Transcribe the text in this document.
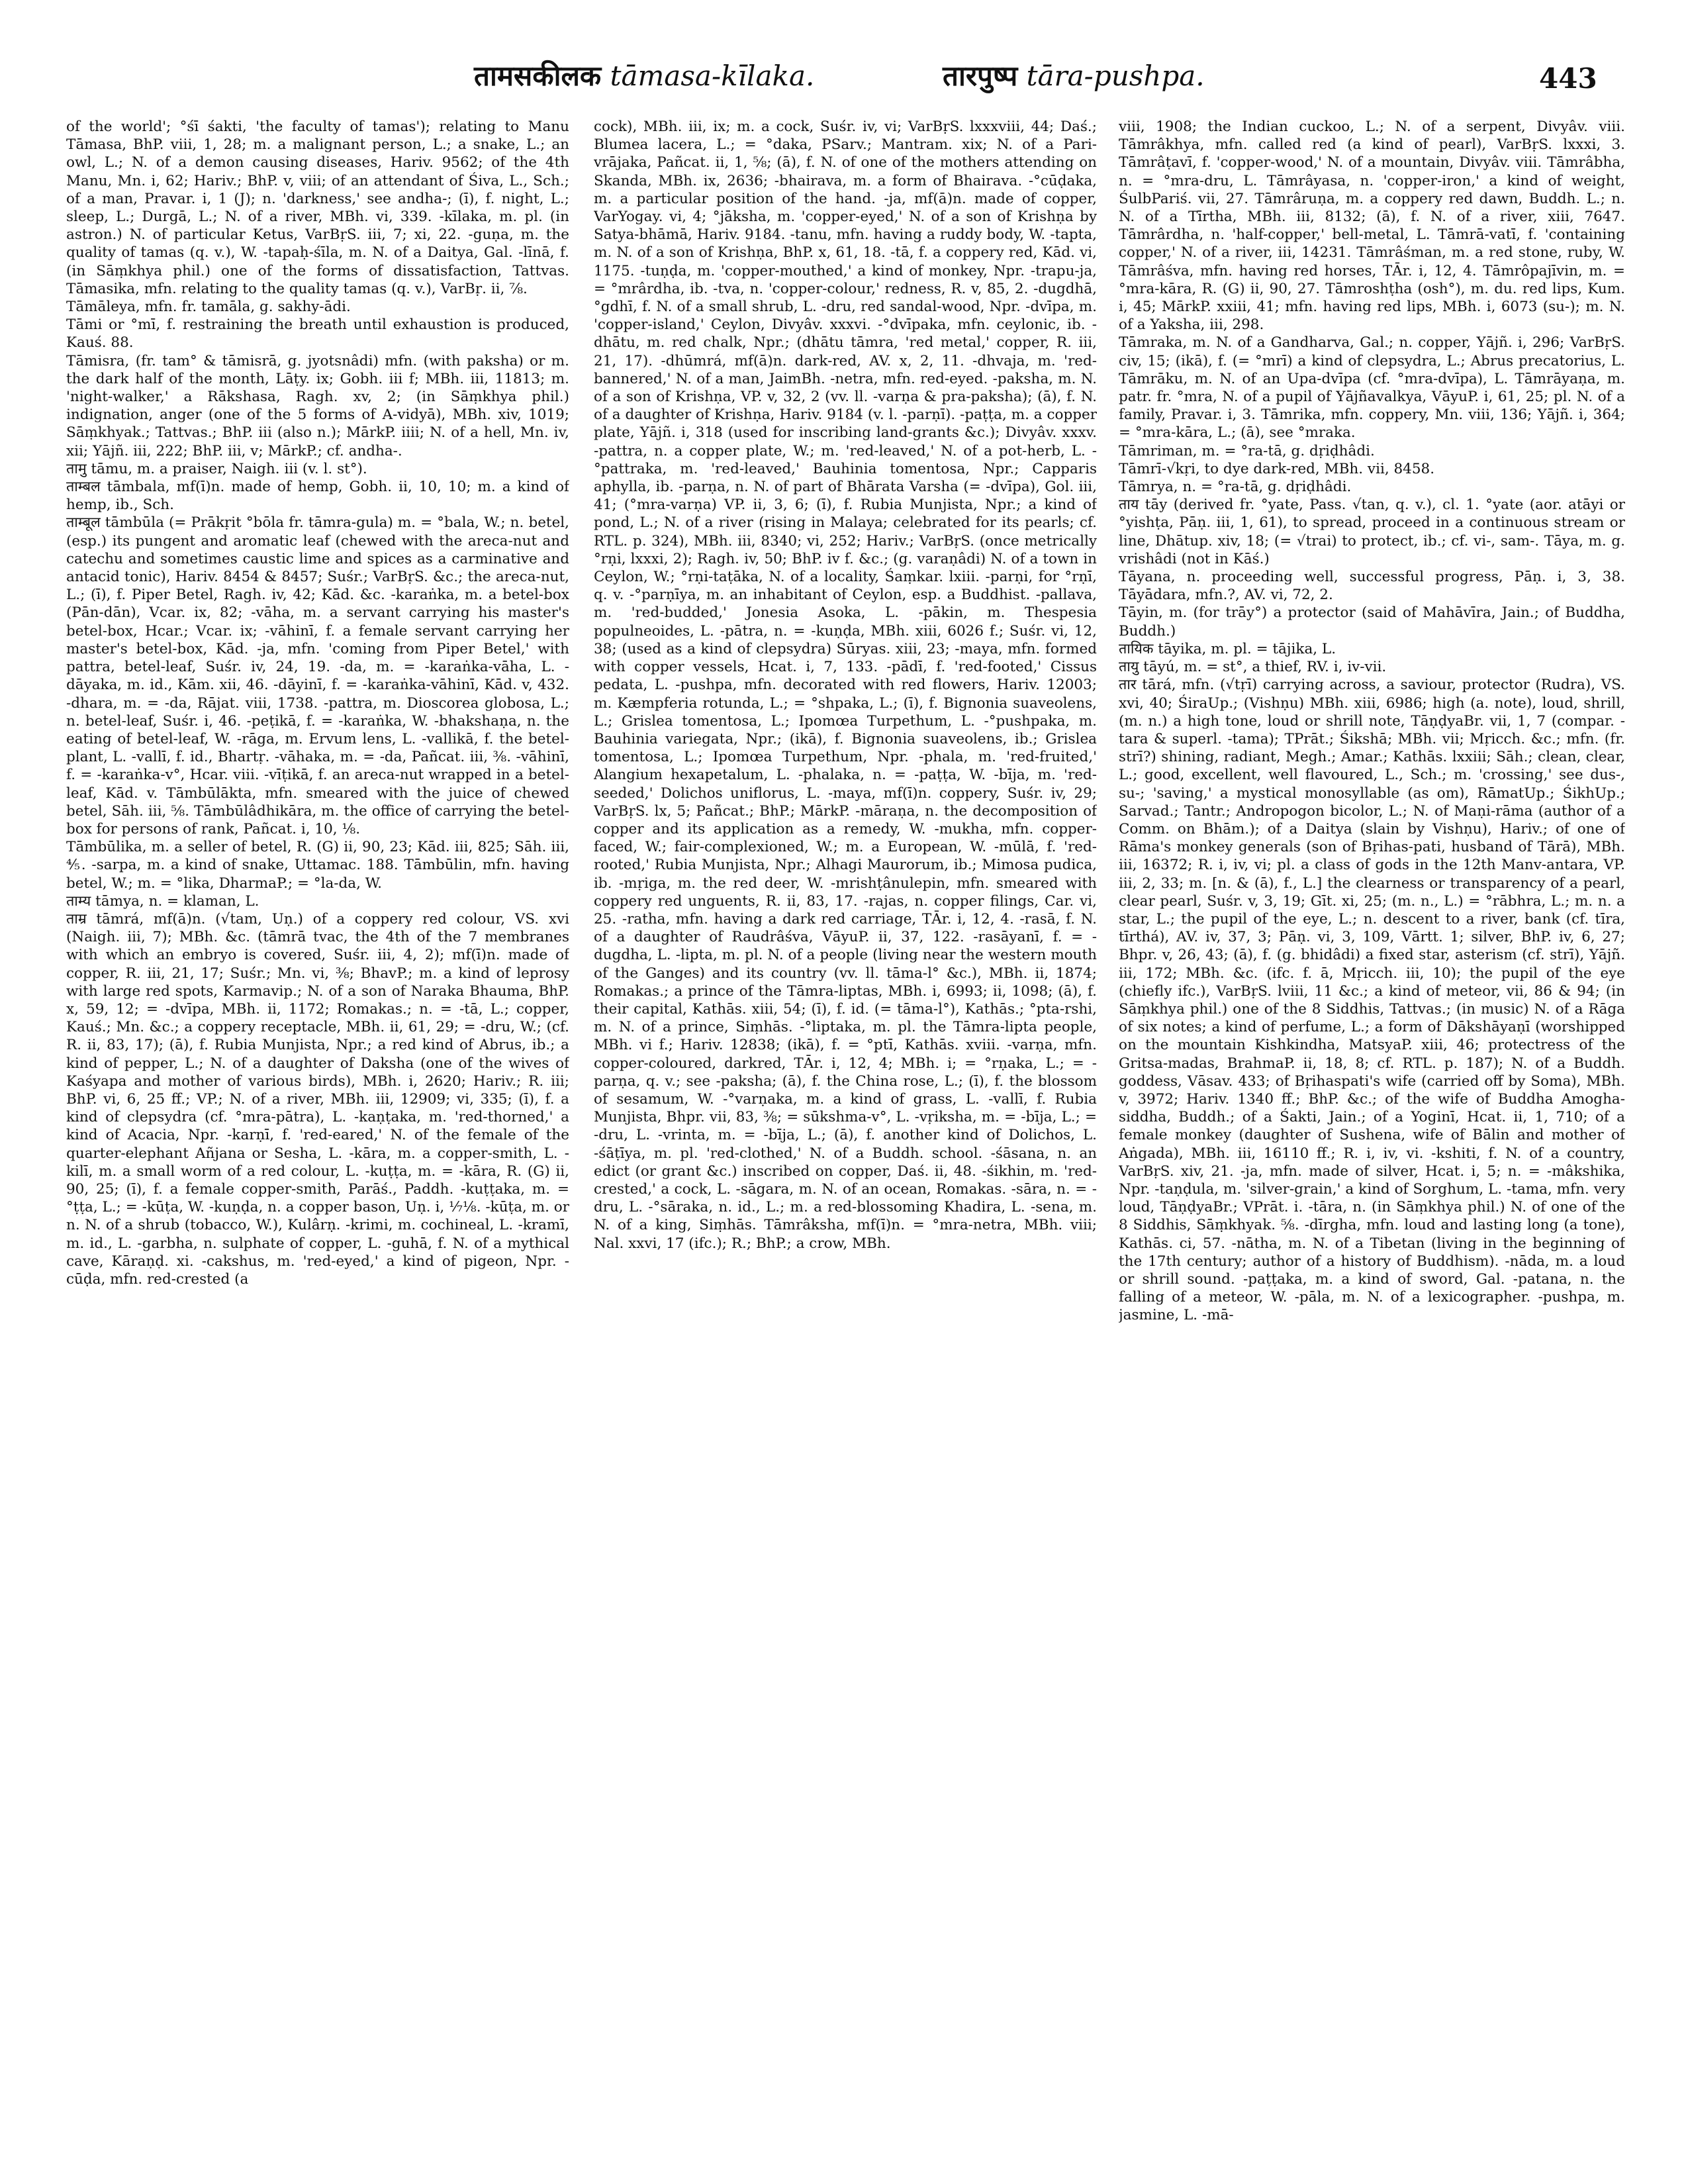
तामसकीलक tāmasa-kīlaka.	तारपुष्प tāra-pushpa.	443

of the world'; °śī śakti, 'the faculty of tamas'); relating to Manu Tāmasa, BhP. viii, 1, 28; m. a malignant person, L.; a snake, L.; an owl, L.; N. of a demon causing diseases, Hariv. 9562; of the 4th Manu, Mn. i, 62; Hariv.; BhP. v, viii; of an attendant of Śiva, L., Sch.; of a man, Pravar. i, 1 (J); n. 'darkness,' see andha-; (ī), f. night, L.; sleep, L.; Durgā, L.; N. of a river, MBh. vi, 339. -kīlaka, m. pl. (in astron.) N. of particular Ketus, VarBṛS. iii, 7; xi, 22. -guṇa, m. the quality of tamas (q. v.), W. -tapaḥ-śīla, m. N. of a Daitya, Gal. -līnā, f. (in Sāṃkhya phil.) one of the forms of dissatisfaction, Tattvas. Tāmasika, mfn. relating to the quality tamas (q. v.), VarBṛ. ii, ⅞.

Tāmāleya, mfn. fr. tamāla, g. sakhy-ādi.

Tāmi or °mī, f. restraining the breath until exhaustion is produced, Kauś. 88.

Tāmisra, (fr. tam° & tāmisrā, g. jyotsnâdi) mfn. (with paksha) or m. the dark half of the month, Lāṭy. ix; Gobh. iii f; MBh. iii, 11813; m. 'night-walker,' a Rākshasa, Ragh. xv, 2; (in Sāṃkhya phil.) indignation, anger (one of the 5 forms of A-vidyā), MBh. xiv, 1019; Sāṃkhyak.; Tattvas.; BhP. iii (also n.); MārkP. iiii; N. of a hell, Mn. iv, xii; Yājñ. iii, 222; BhP. iii, v; MārkP.; cf. andha-.

तामु tāmu, m. a praiser, Naigh. iii (v. l. st°).

ताम्बल tāmbala, mf(ī)n. made of hemp, Gobh. ii, 10, 10; m. a kind of hemp, ib., Sch.

ताम्बूल tāmbūla (= Prākṛit °bōla fr. tāmra-gula) m. = °bala, W.; n. betel, (esp.) its pungent and aromatic leaf (chewed with the areca-nut and catechu and sometimes caustic lime and spices as a carminative and antacid tonic), Hariv. 8454 & 8457; Suśr.; VarBṛS. &c.; the areca-nut, L.; (ī), f. Piper Betel, Ragh. iv, 42; Kād. &c. -karaṅka, m. a betel-box (Pān-dān), Vcar. ix, 82; -vāha, m. a servant carrying his master's betel-box, Hcar.; Vcar. ix; -vāhinī, f. a female servant carrying her master's betel-box, Kād. -ja, mfn. 'coming from Piper Betel,' with pattra, betel-leaf, Suśr. iv, 24, 19. -da, m. = -karaṅka-vāha, L. -dāyaka, m. id., Kām. xii, 46. -dāyinī, f. = -karaṅka-vāhinī, Kād. v, 432. -dhara, m. = -da, Rājat. viii, 1738. -pattra, m. Dioscorea globosa, L.; n. betel-leaf, Suśr. i, 46. -peṭikā, f. = -karaṅka, W. -bhakshaṇa, n. the eating of betel-leaf, W. -rāga, m. Ervum lens, L. -vallikā, f. the betel-plant, L. -vallī, f. id., Bhartṛ. -vāhaka, m. = -da, Pañcat. iii, ⅜. -vāhinī, f. = -karaṅka-v°, Hcar. viii. -vīṭikā, f. an areca-nut wrapped in a betel-leaf, Kād. v. Tāmbūlākta, mfn. smeared with the juice of chewed betel, Sāh. iii, ⅝. Tāmbūlâdhikāra, m. the office of carrying the betel-box for persons of rank, Pañcat. i, 10, ⅛.

Tāmbūlika, m. a seller of betel, R. (G) ii, 90, 23; Kād. iii, 825; Sāh. iii, ⅘. -sarpa, m. a kind of snake, Uttamac. 188. Tāmbūlin, mfn. having betel, W.; m. = °lika, DharmaP.; = °la-da, W.

ताम्य tāmya, n. = klaman, L.

ताम्र tāmrá, mf(ā)n. (√tam, Uṇ.) of a coppery red colour, VS. xvi (Naigh. iii, 7); MBh. &c. (tāmrā tvac, the 4th of the 7 membranes with which an embryo is covered, Suśr. iii, 4, 2); mf(ī)n. made of copper, R. iii, 21, 17; Suśr.; Mn. vi, ⅜; BhavP.; m. a kind of leprosy with large red spots, Karmavip.; N. of a son of Naraka Bhauma, BhP. x, 59, 12; = -dvīpa, MBh. ii, 1172; Romakas.; n. = -tā, L.; copper, Kauś.; Mn. &c.; a coppery receptacle, MBh. ii, 61, 29; = -dru, W.; (cf. R. ii, 83, 17); (ā), f. Rubia Munjista, Npr.; a red kind of Abrus, ib.; a kind of pepper, L.; N. of a daughter of Daksha (one of the wives of Kaśyapa and mother of various birds), MBh. i, 2620; Hariv.; R. iii; BhP. vi, 6, 25 ff.; VP.; N. of a river, MBh. iii, 12909; vi, 335; (ī), f. a kind of clepsydra (cf. °mra-pātra), L. -kaṇṭaka, m. 'red-thorned,' a kind of Acacia, Npr. -karṇī, f. 'red-eared,' N. of the female of the quarter-elephant Añjana or Sesha, L. -kāra, m. a copper-smith, L. -kilī, m. a small worm of a red colour, L. -kuṭṭa, m. = -kāra, R. (G) ii, 90, 25; (ī), f. a female copper-smith, Parāś., Paddh. -kuṭṭaka, m. = °ṭṭa, L.; = -kūṭa, W. -kuṇḍa, n. a copper bason, Uṇ. i, ⅐⅛. -kūṭa, m. or n. N. of a shrub (tobacco, W.), Kulârṇ. -krimi, m. cochineal, L. -kramī, m. id., L. -garbha, n. sulphate of copper, L. -guhā, f. N. of a mythical cave, Kāraṇḍ. xi. -cakshus, m. 'red-eyed,' a kind of pigeon, Npr. -cūḍa, mfn. red-crested (a

cock), MBh. iii, ix; m. a cock, Suśr. iv, vi; VarBṛS. lxxxviii, 44; Daś.; Blumea lacera, L.; = °daka, PSarv.; Mantram. xix; N. of a Pari-vrājaka, Pañcat. ii, 1, ⅝; (ā), f. N. of one of the mothers attending on Skanda, MBh. ix, 2636; -bhairava, m. a form of Bhairava. -°cūḍaka, m. a particular position of the hand. -ja, mf(ā)n. made of copper, VarYogay. vi, 4; °jāksha, m. 'copper-eyed,' N. of a son of Krishṇa by Satya-bhāmā, Hariv. 9184. -tanu, mfn. having a ruddy body, W. -tapta, m. N. of a son of Krishṇa, BhP. x, 61, 18. -tā, f. a coppery red, Kād. vi, 1175. -tuṇḍa, m. 'copper-mouthed,' a kind of monkey, Npr. -trapu-ja, = °mrârdha, ib. -tva, n. 'copper-colour,' redness, R. v, 85, 2. -dugdhā, °gdhī, f. N. of a small shrub, L. -dru, red sandal-wood, Npr. -dvīpa, m. 'copper-island,' Ceylon, Divyâv. xxxvi. -°dvīpaka, mfn. ceylonic, ib. -dhātu, m. red chalk, Npr.; (dhātu tāmra, 'red metal,' copper, R. iii, 21, 17). -dhūmrá, mf(ā)n. dark-red, AV. x, 2, 11. -dhvaja, m. 'red-bannered,' N. of a man, JaimBh. -netra, mfn. red-eyed. -paksha, m. N. of a son of Krishṇa, VP. v, 32, 2 (vv. ll. -varṇa & pra-paksha); (ā), f. N. of a daughter of Krishṇa, Hariv. 9184 (v. l. -parṇī). -paṭṭa, m. a copper plate, Yājñ. i, 318 (used for inscribing land-grants &c.); Divyâv. xxxv. -pattra, n. a copper plate, W.; m. 'red-leaved,' N. of a pot-herb, L. -°pattraka, m. 'red-leaved,' Bauhinia tomentosa, Npr.; Capparis aphylla, ib. -parṇa, n. N. of part of Bhārata Varsha (= -dvīpa), Gol. iii, 41; (°mra-varṇa) VP. ii, 3, 6; (ī), f. Rubia Munjista, Npr.; a kind of pond, L.; N. of a river (rising in Malaya; celebrated for its pearls; cf. RTL. p. 324), MBh. iii, 8340; vi, 252; Hariv.; VarBṛS. (once metrically °rṇi, lxxxi, 2); Ragh. iv, 50; BhP. iv f. &c.; (g. varaṇâdi) N. of a town in Ceylon, W.; °rṇi-taṭāka, N. of a locality, Śaṃkar. lxiii. -parṇi, for °rṇī, q. v. -°parṇīya, m. an inhabitant of Ceylon, esp. a Buddhist. -pallava, m. 'red-budded,' Jonesia Asoka, L. -pākin, m. Thespesia populneoides, L. -pātra, n. = -kuṇḍa, MBh. xiii, 6026 f.; Suśr. vi, 12, 38; (used as a kind of clepsydra) Sūryas. xiii, 23; -maya, mfn. formed with copper vessels, Hcat. i, 7, 133. -pādī, f. 'red-footed,' Cissus pedata, L. -pushpa, mfn. decorated with red flowers, Hariv. 12003; m. Kæmpferia rotunda, L.; = °shpaka, L.; (ī), f. Bignonia suaveolens, L.; Grislea tomentosa, L.; Ipomœa Turpethum, L. -°pushpaka, m. Bauhinia variegata, Npr.; (ikā), f. Bignonia suaveolens, ib.; Grislea tomentosa, L.; Ipomœa Turpethum, Npr. -phala, m. 'red-fruited,' Alangium hexapetalum, L. -phalaka, n. = -paṭṭa, W. -bīja, m. 'red-seeded,' Dolichos uniflorus, L. -maya, mf(ī)n. coppery, Suśr. iv, 29; VarBṛS. lx, 5; Pañcat.; BhP.; MārkP. -māraṇa, n. the decomposition of copper and its application as a remedy, W. -mukha, mfn. copper-faced, W.; fair-complexioned, W.; m. a European, W. -mūlā, f. 'red-rooted,' Rubia Munjista, Npr.; Alhagi Maurorum, ib.; Mimosa pudica, ib. -mṛiga, m. the red deer, W. -mrishṭânulepin, mfn. smeared with coppery red unguents, R. ii, 83, 17. -rajas, n. copper filings, Car. vi, 25. -ratha, mfn. having a dark red carriage, TĀr. i, 12, 4. -rasā, f. N. of a daughter of Raudrâśva, VāyuP. ii, 37, 122. -rasāyanī, f. = -dugdha, L. -lipta, m. pl. N. of a people (living near the western mouth of the Ganges) and its country (vv. ll. tāma-l° &c.), MBh. ii, 1874; Romakas.; a prince of the Tāmra-liptas, MBh. i, 6993; ii, 1098; (ā), f. their capital, Kathās. xiii, 54; (ī), f. id. (= tāma-l°), Kathās.; °pta-rshi, m. N. of a prince, Siṃhās. -°liptaka, m. pl. the Tāmra-lipta people, MBh. vi f.; Hariv. 12838; (ikā), f. = °ptī, Kathās. xviii. -varṇa, mfn. copper-coloured, darkred, TĀr. i, 12, 4; MBh. i; = °rṇaka, L.; = -parṇa, q. v.; see -paksha; (ā), f. the China rose, L.; (ī), f. the blossom of sesamum, W. -°varṇaka, m. a kind of grass, L. -vallī, f. Rubia Munjista, Bhpr. vii, 83, ⅜; = sūkshma-v°, L. -vṛiksha, m. = -bīja, L.; = -dru, L. -vrinta, m. = -bīja, L.; (ā), f. another kind of Dolichos, L. -śāṭīya, m. pl. 'red-clothed,' N. of a Buddh. school. -śāsana, n. an edict (or grant &c.) inscribed on copper, Daś. ii, 48. -śikhin, m. 'red-crested,' a cock, L. -sāgara, m. N. of an ocean, Romakas. -sāra, n. = -dru, L. -°sāraka, n. id., L.; m. a red-blossoming Khadira, L. -sena, m. N. of a king, Siṃhās. Tāmrâksha, mf(ī)n. = °mra-netra, MBh. viii; Nal. xxvi, 17 (ifc.); R.; BhP.; a crow, MBh.

viii, 1908; the Indian cuckoo, L.; N. of a serpent, Divyâv. viii. Tāmrâkhya, mfn. called red (a kind of pearl), VarBṛS. lxxxi, 3. Tāmrâṭavī, f. 'copper-wood,' N. of a mountain, Divyâv. viii. Tāmrâbha, n. = °mra-dru, L. Tāmrâyasa, n. 'copper-iron,' a kind of weight, ŚulbPariś. vii, 27. Tāmrâruṇa, m. a coppery red dawn, Buddh. L.; n. N. of a Tīrtha, MBh. iii, 8132; (ā), f. N. of a river, xiii, 7647. Tāmrârdha, n. 'half-copper,' bell-metal, L. Tāmrā-vatī, f. 'containing copper,' N. of a river, iii, 14231. Tāmrâśman, m. a red stone, ruby, W. Tāmrâśva, mfn. having red horses, TĀr. i, 12, 4. Tāmrôpajīvin, m. = °mra-kāra, R. (G) ii, 90, 27. Tāmroshṭha (osh°), m. du. red lips, Kum. i, 45; MārkP. xxiii, 41; mfn. having red lips, MBh. i, 6073 (su-); m. N. of a Yaksha, iii, 298.

Tāmraka, m. N. of a Gandharva, Gal.; n. copper, Yājñ. i, 296; VarBṛS. civ, 15; (ikā), f. (= °mrī) a kind of clepsydra, L.; Abrus precatorius, L. Tāmrāku, m. N. of an Upa-dvīpa (cf. °mra-dvīpa), L. Tāmrāyaṇa, m. patr. fr. °mra, N. of a pupil of Yājñavalkya, VāyuP. i, 61, 25; pl. N. of a family, Pravar. i, 3. Tāmrika, mfn. coppery, Mn. viii, 136; Yājñ. i, 364; = °mra-kāra, L.; (ā), see °mraka.

Tāmriman, m. = °ra-tā, g. dṛiḍhâdi.

Tāmrī-√kṛi, to dye dark-red, MBh. vii, 8458.

Tāmrya, n. = °ra-tā, g. dṛiḍhâdi.

ताय tāy (derived fr. °yate, Pass. √tan, q. v.), cl. 1. °yate (aor. atāyi or °yishṭa, Pāṇ. iii, 1, 61), to spread, proceed in a continuous stream or line, Dhātup. xiv, 18; (= √trai) to protect, ib.; cf. vi-, sam-. Tāya, m. g. vrishâdi (not in Kāś.)

Tāyana, n. proceeding well, successful progress, Pāṇ. i, 3, 38. Tāyādara, mfn.?, AV. vi, 72, 2.

Tāyin, m. (for trāy°) a protector (said of Mahāvīra, Jain.; of Buddha, Buddh.)

तायिक tāyika, m. pl. = tājika, L.

तायु tāyú, m. = st°, a thief, RV. i, iv-vii.

तार tārá, mfn. (√tṛī) carrying across, a saviour, protector (Rudra), VS. xvi, 40; ŚiraUp.; (Vishṇu) MBh. xiii, 6986; high (a. note), loud, shrill, (m. n.) a high tone, loud or shrill note, TāṇḍyaBr. vii, 1, 7 (compar. -tara & superl. -tama); TPrāt.; Śikshā; MBh. vii; Mṛicch. &c.; mfn. (fr. strī?) shining, radiant, Megh.; Amar.; Kathās. lxxiii; Sāh.; clean, clear, L.; good, excellent, well flavoured, L., Sch.; m. 'crossing,' see dus-, su-; 'saving,' a mystical monosyllable (as om), RāmatUp.; ŚikhUp.; Sarvad.; Tantr.; Andropogon bicolor, L.; N. of Maṇi-rāma (author of a Comm. on Bhām.); of a Daitya (slain by Vishṇu), Hariv.; of one of Rāma's monkey generals (son of Bṛihas-pati, husband of Tārā), MBh. iii, 16372; R. i, iv, vi; pl. a class of gods in the 12th Manv-antara, VP. iii, 2, 33; m. [n. & (ā), f., L.] the clearness or transparency of a pearl, clear pearl, Suśr. v, 3, 19; Gīt. xi, 25; (m. n., L.) = °rābhra, L.; m. n. a star, L.; the pupil of the eye, L.; n. descent to a river, bank (cf. tīra, tīrthá), AV. iv, 37, 3; Pāṇ. vi, 3, 109, Vārtt. 1; silver, BhP. iv, 6, 27; Bhpr. v, 26, 43; (ā), f. (g. bhidâdi) a fixed star, asterism (cf. strī), Yājñ. iii, 172; MBh. &c. (ifc. f. ā, Mṛicch. iii, 10); the pupil of the eye (chiefly ifc.), VarBṛS. lviii, 11 &c.; a kind of meteor, vii, 86 & 94; (in Sāṃkhya phil.) one of the 8 Siddhis, Tattvas.; (in music) N. of a Rāga of six notes; a kind of perfume, L.; a form of Dākshāyaṇī (worshipped on the mountain Kishkindha, MatsyaP. xiii, 46; protectress of the Gritsa-madas, BrahmaP. ii, 18, 8; cf. RTL. p. 187); N. of a Buddh. goddess, Vāsav. 433; of Bṛihaspati's wife (carried off by Soma), MBh. v, 3972; Hariv. 1340 ff.; BhP. &c.; of the wife of Buddha Amogha-siddha, Buddh.; of a Śakti, Jain.; of a Yoginī, Hcat. ii, 1, 710; of a female monkey (daughter of Sushena, wife of Bālin and mother of Aṅgada), MBh. iii, 16110 ff.; R. i, iv, vi. -kshiti, f. N. of a country, VarBṛS. xiv, 21. -ja, mfn. made of silver, Hcat. i, 5; n. = -mâkshika, Npr. -taṇḍula, m. 'silver-grain,' a kind of Sorghum, L. -tama, mfn. very loud, TāṇḍyaBr.; VPrāt. i. -tāra, n. (in Sāṃkhya phil.) N. of one of the 8 Siddhis, Sāṃkhyak. ⅝. -dīrgha, mfn. loud and lasting long (a tone), Kathās. ci, 57. -nātha, m. N. of a Tibetan (living in the beginning of the 17th century; author of a history of Buddhism). -nāda, m. a loud or shrill sound. -paṭṭaka, m. a kind of sword, Gal. -patana, n. the falling of a meteor, W. -pāla, m. N. of a lexicographer. -pushpa, m. jasmine, L. -mā-
